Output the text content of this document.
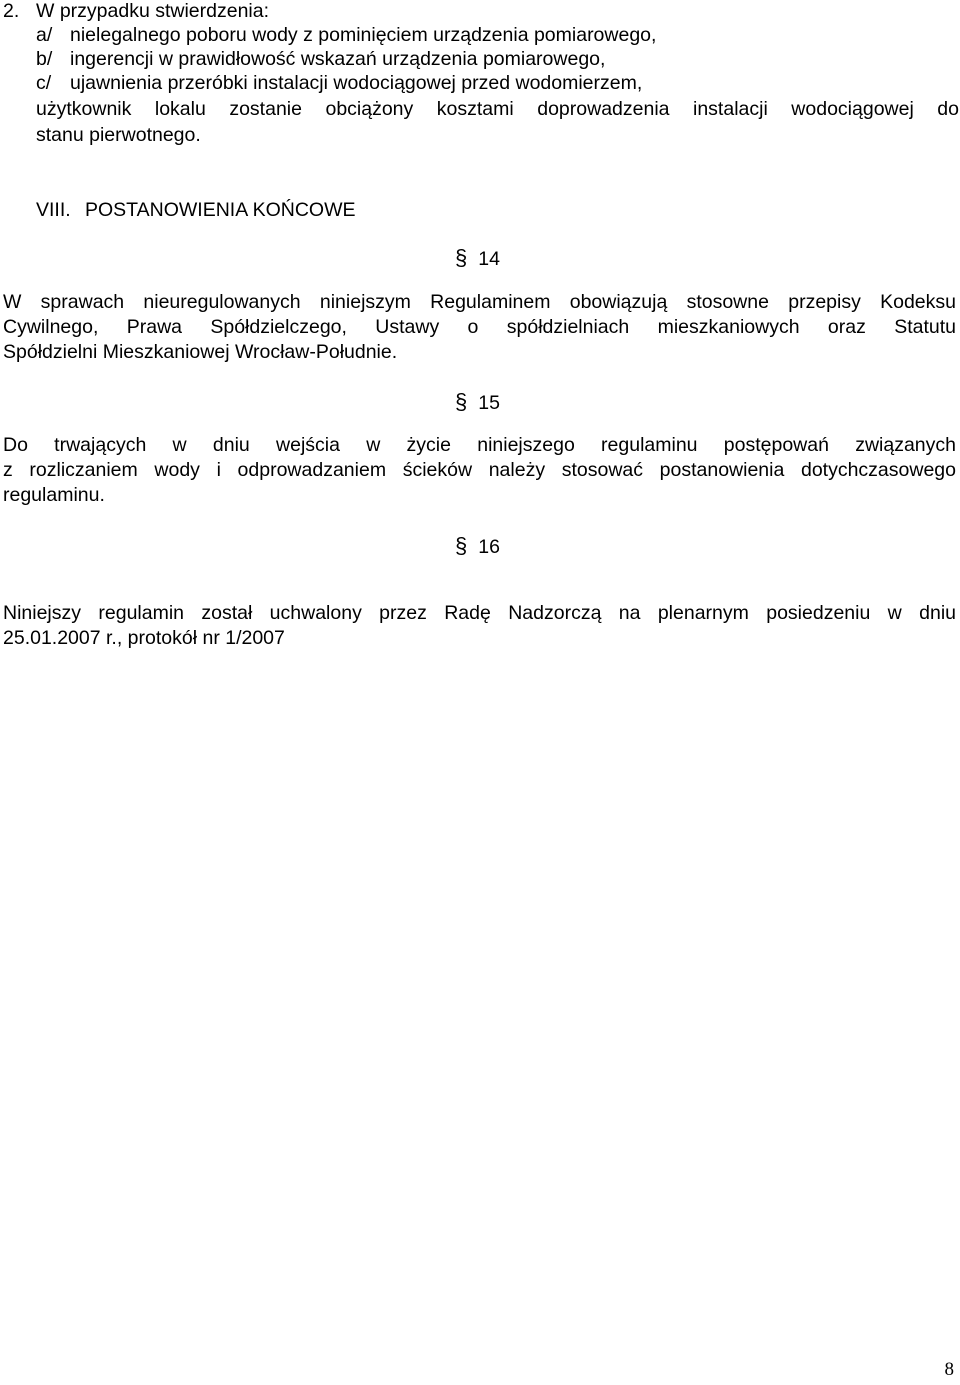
2. W przypadku stwierdzenia:
a/ nielegalnego poboru wody z pominięciem urządzenia pomiarowego,
b/ ingerencji w prawidłowość wskazań urządzenia pomiarowego,
c/ ujawnienia przeróbki instalacji wodociągowej przed wodomierzem,
użytkownik lokalu zostanie obciążony kosztami doprowadzenia instalacji wodociągowej do
stanu pierwotnego.
VIII. POSTANOWIENIA KOŃCOWE
§ 14
W sprawach nieuregulowanych niniejszym Regulaminem obowiązują stosowne przepisy Kodeksu
Cywilnego, Prawa Spółdzielczego, Ustawy o spółdzielniach mieszkaniowych oraz Statutu
Spółdzielni Mieszkaniowej Wrocław-Południe.
§ 15
Do trwających w dniu wejścia w życie niniejszego regulaminu postępowań związanych
z rozliczaniem wody i odprowadzaniem ścieków należy stosować postanowienia dotychczasowego
regulaminu.
§ 16
Niniejszy regulamin został uchwalony przez Radę Nadzorczą na plenarnym posiedzeniu w dniu
25.01.2007 r., protokół nr 1/2007
8
